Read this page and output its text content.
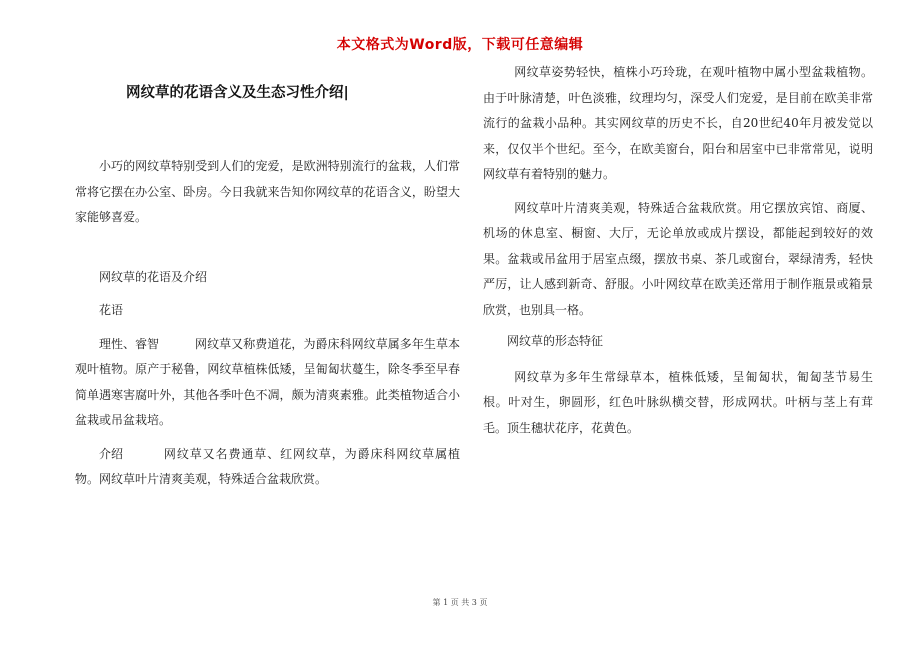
本文格式为Word版，下载可任意编辑
网纹草的花语含义及生态习性介绍|

小巧的网纹草特别受到人们的宠爱，是欧洲特别流行的盆栽，人们常常将它摆在办公室、卧房。今日我就来告知你网纹草的花语含义，盼望大家能够喜爱。

网纹草的花语及介绍

花语

理性、睿智	网纹草又称费道花，为爵床科网纹草属多年生草本观叶植物。原产于秘鲁，网纹草植株低矮，呈匍匐状蔓生，除冬季至早春简单遇寒害腐叶外，其他各季叶色不凋，颇为清爽素雅。此类植物适合小盆栽或吊盆栽培。

介绍	网纹草又名费通草、红网纹草，为爵床科网纹草属植物。网纹草叶片清爽美观，特殊适合盆栽欣赏。

网纹草姿势轻快，植株小巧玲珑，在观叶植物中属小型盆栽植物。由于叶脉清楚，叶色淡雅，纹理均匀，深受人们宠爱，是目前在欧美非常流行的盆栽小品种。其实网纹草的历史不长，自20世纪40年月被发觉以来，仅仅半个世纪。至今，在欧美窗台，阳台和居室中已非常常见，说明网纹草有着特别的魅力。

网纹草叶片清爽美观，特殊适合盆栽欣赏。用它摆放宾馆、商厦、机场的休息室、橱窗、大厅，无论单放或成片摆设，都能起到较好的效果。盆栽或吊盆用于居室点缀，摆放书桌、茶几或窗台，翠绿清秀，轻快严厉，让人感到新奇、舒服。小叶网纹草在欧美还常用于制作瓶景或箱景欣赏，也别具一格。

网纹草的形态特征

网纹草为多年生常绿草本，植株低矮，呈匍匐状，匍匐茎节易生根。叶对生，卵圆形，红色叶脉纵横交替，形成网状。叶柄与茎上有茸毛。顶生穗状花序，花黄色。

第 1 页 共 3 页
